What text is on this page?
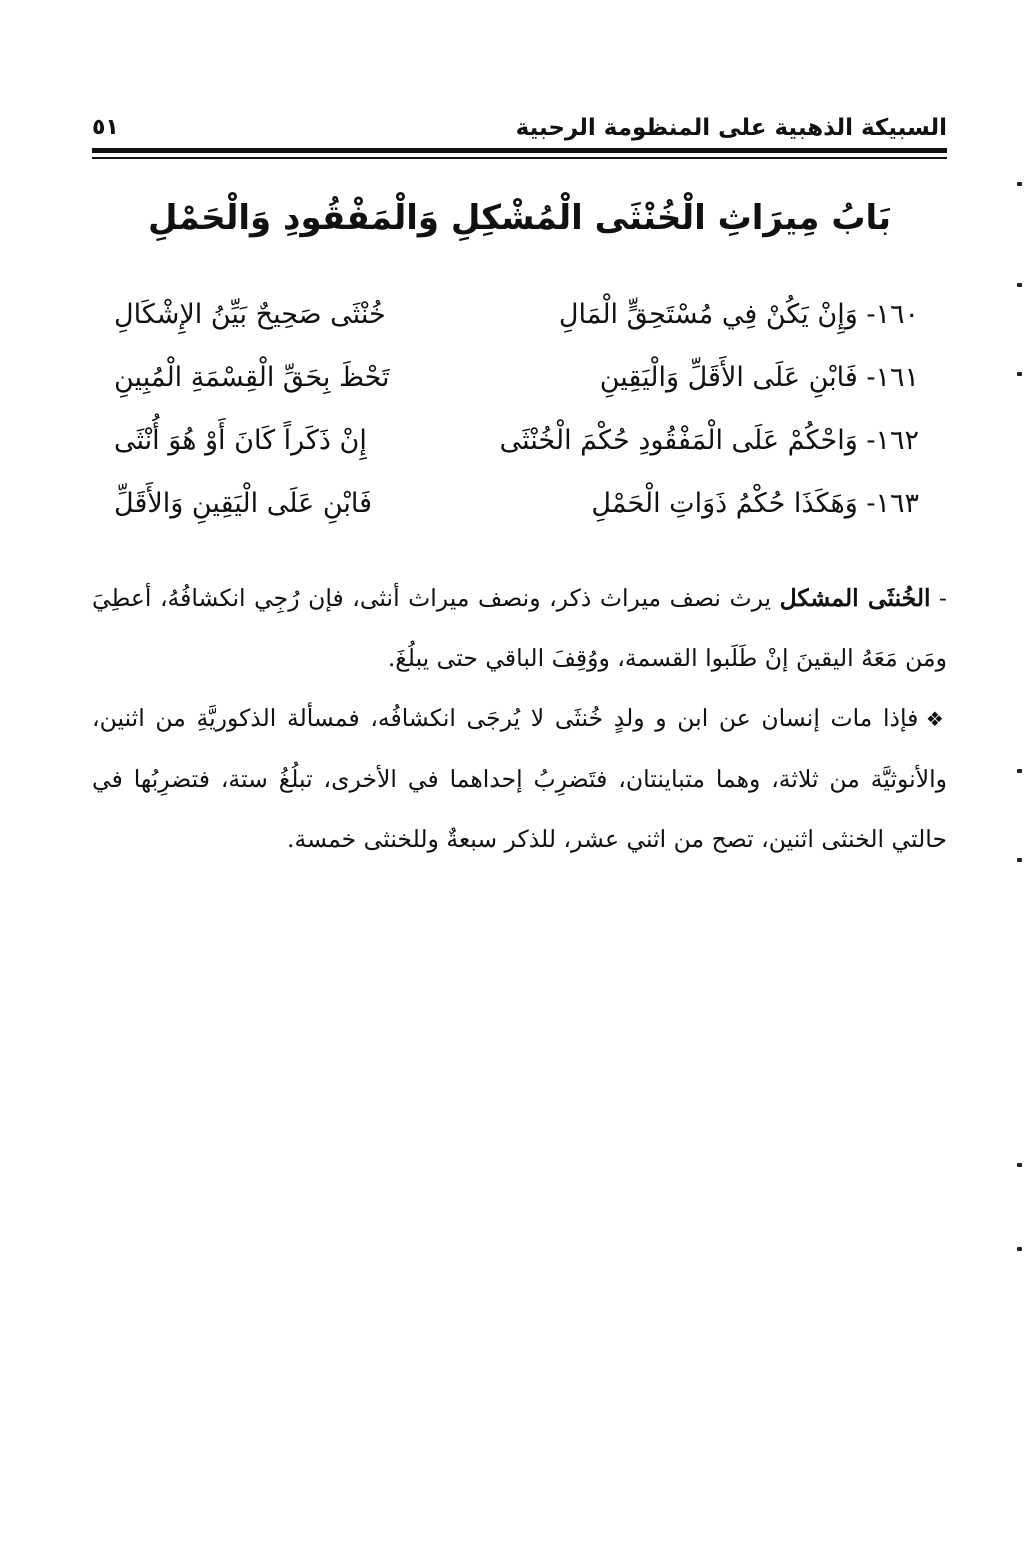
السبيكة الذهبية على المنظومة الرحبية
٥١
بَابُ مِيرَاثِ الْخُنْثَى الْمُشْكِلِ وَالْمَفْقُودِ وَالْحَمْلِ
١٦٠- وَإِنْ يَكُنْ فِي مُسْتَحِقٍّ الْمَالِ
خُنْثَى صَحِيحٌ بَيِّنُ الإِشْكَالِ
١٦١- فَابْنِ عَلَى الأَقَلِّ وَالْيَقِينِ
تَحْظَ بِحَقِّ الْقِسْمَةِ الْمُبِينِ
١٦٢- وَاحْكُمْ عَلَى الْمَفْقُودِ حُكْمَ الْخُنْثَى
إِنْ ذَكَراً كَانَ أَوْ هُوَ أُنْثَى
١٦٣- وَهَكَذَا حُكْمُ ذَوَاتِ الْحَمْلِ
فَابْنِ عَلَى الْيَقِينِ وَالأَقَلِّ

- الخُنثَى المشكل يرث نصف ميراث ذكر، ونصف ميراث أنثى، فإن رُجِي انكشافُهُ، أعطِيَ ومَن مَعَهُ اليقينَ إنْ طَلَبوا القسمة، ووُقِفَ الباقي حتى يبلُغَ.

❖ فإذا مات إنسان عن ابن و ولدٍ خُنثَى لا يُرجَى انكشافُه، فمسألة الذكوريَّةِ من اثنين، والأنوثيَّة من ثلاثة، وهما متباينتان، فتَضرِبُ إحداهما في الأخرى، تبلُغُ ستة، فتضرِبُها في حالتي الخنثى اثنين، تصح من اثني عشر، للذكر سبعةٌ وللخنثى خمسة.
